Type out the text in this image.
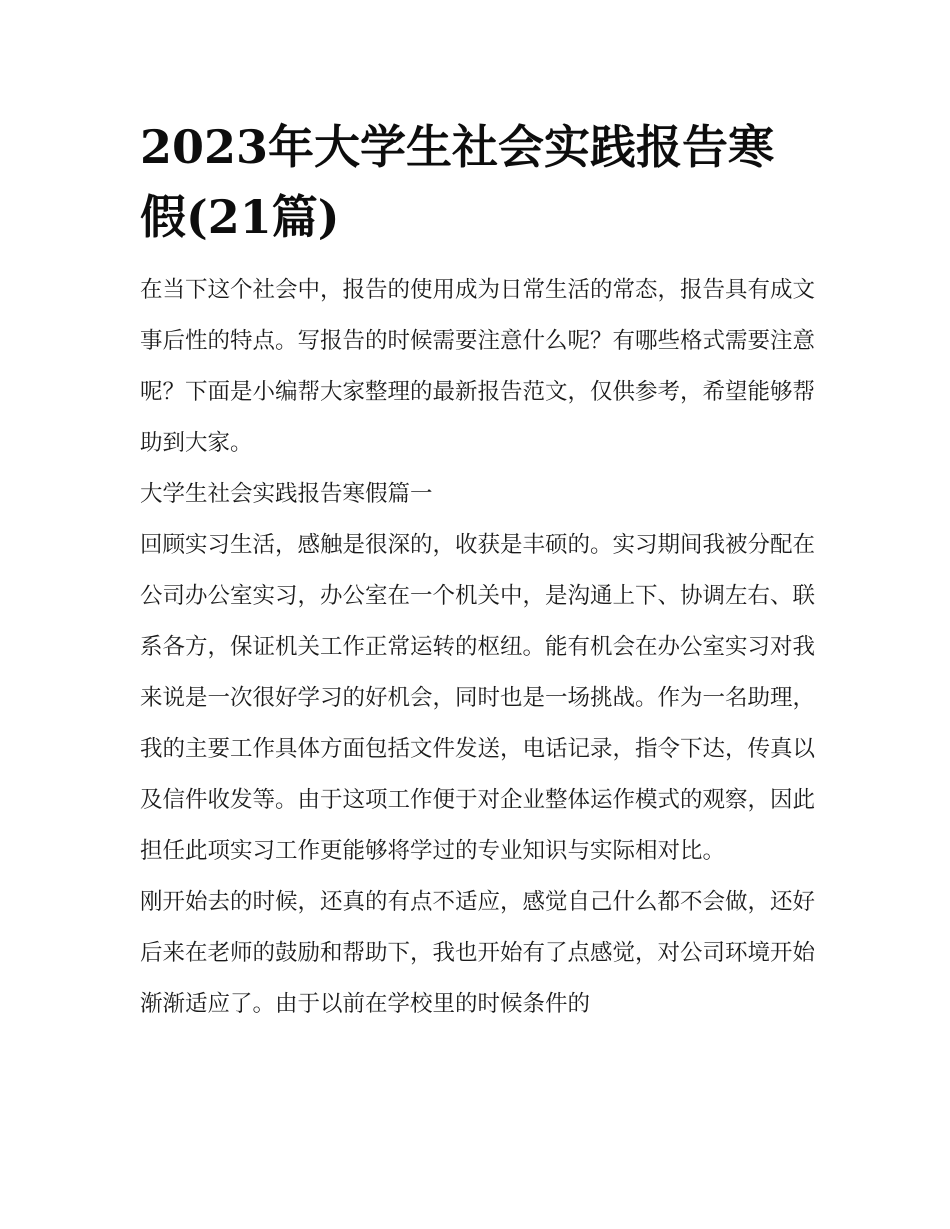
2023年大学生社会实践报告寒假(21篇)

在当下这个社会中，报告的使用成为日常生活的常态，报告具有成文事后性的特点。写报告的时候需要注意什么呢？有哪些格式需要注意呢？下面是小编帮大家整理的最新报告范文，仅供参考，希望能够帮助到大家。

大学生社会实践报告寒假篇一

回顾实习生活，感触是很深的，收获是丰硕的。实习期间我被分配在公司办公室实习，办公室在一个机关中，是沟通上下、协调左右、联系各方，保证机关工作正常运转的枢纽。能有机会在办公室实习对我来说是一次很好学习的好机会，同时也是一场挑战。作为一名助理，我的主要工作具体方面包括文件发送，电话记录，指令下达，传真以及信件收发等。由于这项工作便于对企业整体运作模式的观察，因此担任此项实习工作更能够将学过的专业知识与实际相对比。

刚开始去的时候，还真的有点不适应，感觉自己什么都不会做，还好后来在老师的鼓励和帮助下，我也开始有了点感觉，对公司环境开始渐渐适应了。由于以前在学校里的时候条件的
